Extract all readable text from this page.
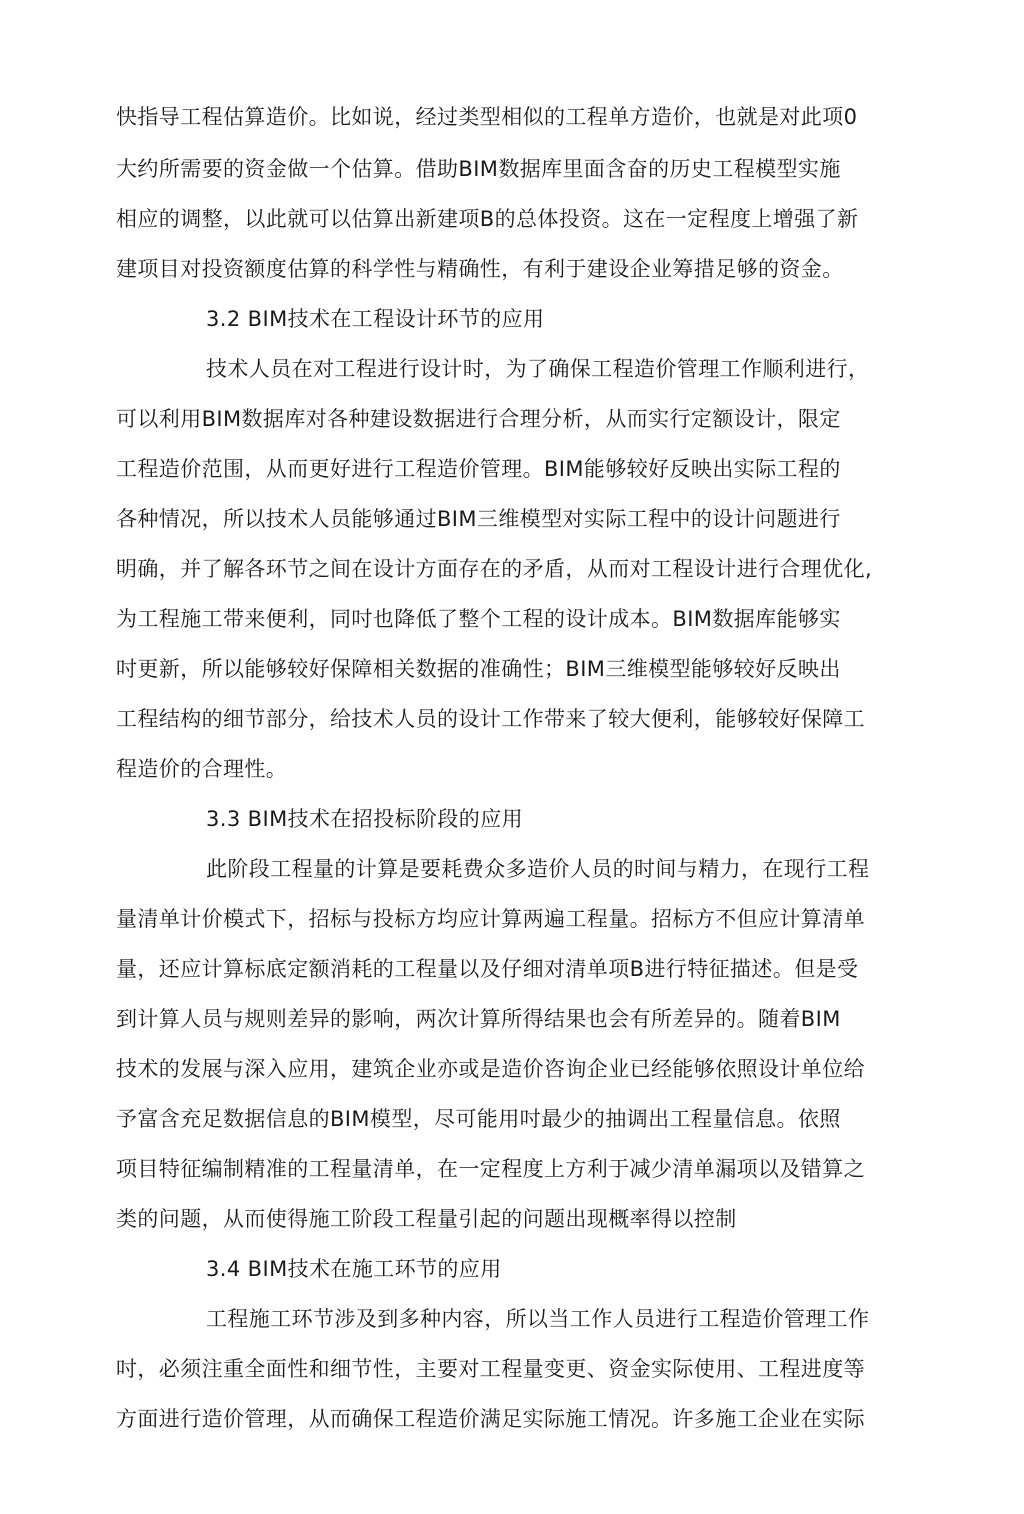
快指导工程估算造价。比如说，经过类型相似的工程单方造价，也就是对此项0
大约所需要的资金做一个估算。借助BIM数据库里面含奋的历史工程模型实施
相应的调整，以此就可以估算出新建项B的总体投资。这在一定程度上增强了新
建项目对投资额度估算的科学性与精确性，有利于建设企业筹措足够的资金。
3.2 BIM技术在工程设计环节的应用
技术人员在对工程进行设计时，为了确保工程造价管理工作顺利进行，
可以利用BIM数据库对各种建设数据进行合理分析，从而实行定额设计，限定
工程造价范围，从而更好进行工程造价管理。BIM能够较好反映出实际工程的
各种情况，所以技术人员能够通过BIM三维模型对实际工程中的设计问题进行
明确，并了解各环节之间在设计方面存在的矛盾，从而对工程设计进行合理优化,
为工程施工带来便利，同吋也降低了整个工程的设计成本。BIM数据库能够实
吋更新，所以能够较好保障相关数据的准确性；BIM三维模型能够较好反映出
工程结构的细节部分，给技术人员的设计工作带来了较大便利，能够较好保障工
程造价的合理性。
3.3 BIM技术在招投标阶段的应用
此阶段工程量的计算是要耗费众多造价人员的时间与精力，在现行工程
量清单计价模式下，招标与投标方均应计算两遍工程量。招标方不但应计算清单
量，还应计算标底定额消耗的工程量以及仔细对清单项B进行特征描述。但是受
到计算人员与规则差异的影响，两次计算所得结果也会有所差异的。随着BIM
技术的发展与深入应用，建筑企业亦或是造价咨询企业已经能够依照设计单位给
予富含充足数据信息的BIM模型，尽可能用吋最少的抽调出工程量信息。依照
项目特征编制精准的工程量清单，在一定程度上方利于减少清单漏项以及错算之
类的问题，从而使得施工阶段工程量引起的问题出现概率得以控制
3.4 BIM技术在施工环节的应用
工程施工环节涉及到多种内容，所以当工作人员进行工程造价管理工作
吋，必须注重全面性和细节性，主要对工程量变更、资金实际使用、工程进度等
方面进行造价管理，从而确保工程造价满足实际施工情况。许多施工企业在实际
